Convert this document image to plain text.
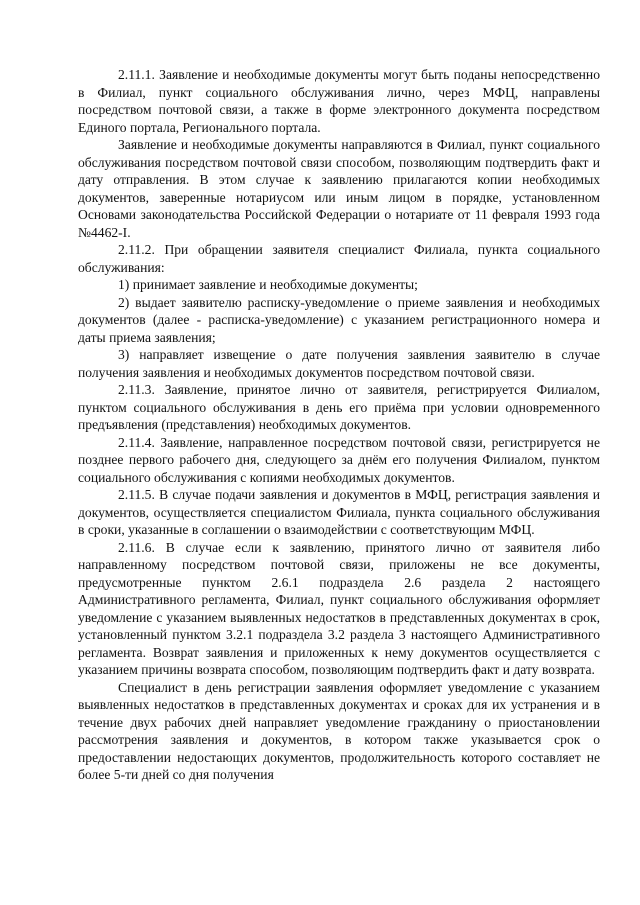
2.11.1. Заявление и необходимые документы могут быть поданы непосредственно в Филиал, пункт социального обслуживания лично, через МФЦ, направлены посредством почтовой связи, а также в форме электронного документа посредством Единого портала, Регионального портала.

Заявление и необходимые документы направляются в Филиал, пункт социального обслуживания посредством почтовой связи способом, позволяющим подтвердить факт и дату отправления. В этом случае к заявлению прилагаются копии необходимых документов, заверенные нотариусом или иным лицом в порядке, установленном Основами законодательства Российской Федерации о нотариате от 11 февраля 1993 года №4462-I.

2.11.2. При обращении заявителя специалист Филиала, пункта социального обслуживания:

1) принимает заявление и необходимые документы;

2) выдает заявителю расписку-уведомление о приеме заявления и необходимых документов (далее - расписка-уведомление) с указанием регистрационного номера и даты приема заявления;

3) направляет извещение о дате получения заявления заявителю в случае получения заявления и необходимых документов посредством почтовой связи.

2.11.3. Заявление, принятое лично от заявителя, регистрируется Филиалом, пунктом социального обслуживания в день его приёма при условии одновременного предъявления (представления) необходимых документов.

2.11.4. Заявление, направленное посредством почтовой связи, регистрируется не позднее первого рабочего дня, следующего за днём его получения Филиалом, пунктом социального обслуживания с копиями необходимых документов.

2.11.5. В случае подачи заявления и документов в МФЦ, регистрация заявления и документов, осуществляется специалистом Филиала, пункта социального обслуживания в сроки, указанные в соглашении о взаимодействии с соответствующим МФЦ.

2.11.6. В случае если к заявлению, принятого лично от заявителя либо направленному посредством почтовой связи, приложены не все документы, предусмотренные пунктом 2.6.1 подраздела 2.6 раздела 2 настоящего Административного регламента, Филиал, пункт социального обслуживания оформляет уведомление с указанием выявленных недостатков в представленных документах в срок, установленный пунктом 3.2.1 подраздела 3.2 раздела 3 настоящего Административного регламента. Возврат заявления и приложенных к нему документов осуществляется с указанием причины возврата способом, позволяющим подтвердить факт и дату возврата.

Специалист в день регистрации заявления оформляет уведомление с указанием выявленных недостатков в представленных документах и сроках для их устранения и в течение двух рабочих дней направляет уведомление гражданину о приостановлении рассмотрения заявления и документов, в котором также указывается срок о предоставлении недостающих документов, продолжительность которого составляет не более 5-ти дней со дня получения
